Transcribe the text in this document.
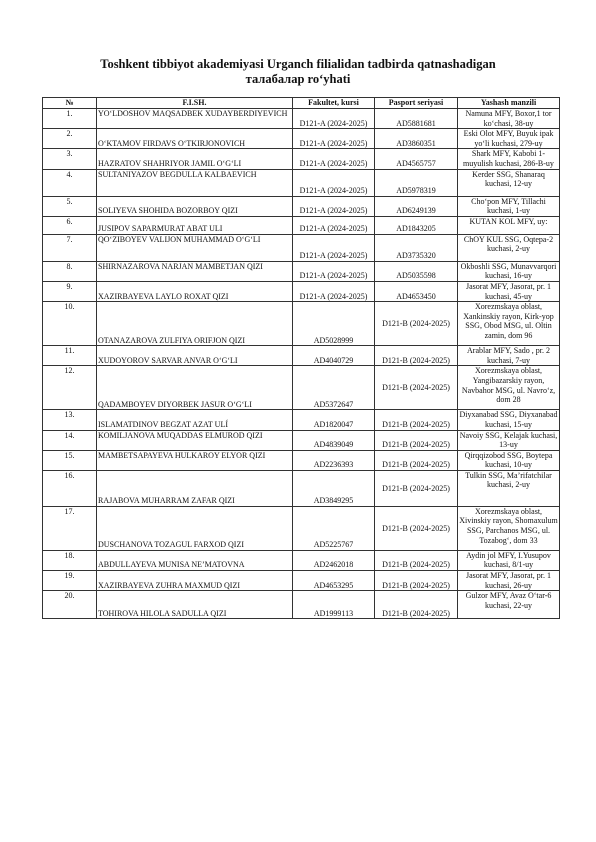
Toshkent tibbiyot akademiyasi Urganch filialidan tadbirda qatnashadigan
талабалар ro‘yhati
№	F.I.SH.	Fakultet, kursi	Pasport seriyasi	Yashash manzili
1.	YO‘LDOSHOV MAQSADBEK XUDAYBERDIYEVICH	D121-A (2024-2025)	AD5881681	Namuna MFY, Boxor,1 tor ko‘chasi, 38-uy
2.	O‘KTAMOV FIRDAVS O‘TKIRJONOVICH	D121-A (2024-2025)	AD3860351	Eski Olot MFY, Buyuk ipak yo‘li kuchasi, 279-uy
3.	HAZRATOV SHAHRIYOR JAMIL O‘G‘LI	D121-A (2024-2025)	AD4565757	Shark MFY, Kabobi 1-muyulish kuchasi, 286-B-uy
4.	SULTANIYAZOV BEGDULLA KALBAEVICH	D121-A (2024-2025)	AD5978319	Kerder SSG, Shanaraq kuchasi, 12-uy
5.	SOLIYEVA SHOHIDA BOZORBOY QIZI	D121-A (2024-2025)	AD6249139	Cho‘pon MFY, Tillachi kuchasi, 1-uy
6.	JUSIPOV SAPARMURAT ABAT ULI	D121-A (2024-2025)	AD1843205	KUTAN KOL MFY, uy:
7.	QO‘ZIBOYEV VALIJON MUHAMMAD O‘G‘LI	D121-A (2024-2025)	AD3735320	ChOY KUL SSG, Oqtepa-2 kuchasi, 2-uy
8.	SHIRNAZAROVA NARJAN MAMBETJAN QIZI	D121-A (2024-2025)	AD5035598	Okboshli SSG, Munavvarqori kuchasi, 16-uy
9.	XAZIRBAYEVA LAYLO ROXAT QIZI	D121-A (2024-2025)	AD4653450	Jasorat MFY, Jasorat, pr. 1 kuchasi, 45-uy
10.	OTANAZAROVA ZULFIYA ORIFJON QIZI	AD5028999	D121-B (2024-2025)	Xorezmskaya oblast, Xankinskiy rayon, Kirk-yop SSG, Obod MSG, ul. Oltin zamin, dom 96
11.	XUDOYOROV SARVAR ANVAR O‘G‘LI	AD4040729	D121-B (2024-2025)	Arablar MFY, Sado , pr. 2 kuchasi, 7-uy
12.	QADAMBOYEV DIYORBEK JASUR O‘G‘LI	AD5372647	D121-B (2024-2025)	Xorezmskaya oblast, Yangibazarskiy rayon, Navbahor MSG, ul. Navro‘z, dom 28
13.	ISLAMATDINOV BEGZAT AZAT ULÍ	AD1820047	D121-B (2024-2025)	Diyxanabad SSG, Diyxanabad kuchasi, 15-uy
14.	KOMILJANOVA MUQADDAS ELMUROD QIZI	AD4839049	D121-B (2024-2025)	Navoiy SSG, Kelajak kuchasi, 13-uy
15.	MAMBETSAPAYEVA HULKAROY ELYOR QIZI	AD2236393	D121-B (2024-2025)	Qirqqizobod SSG, Boytepa kuchasi, 10-uy
16.	RAJABOVA MUHARRAM ZAFAR QIZI	AD3849295	D121-B (2024-2025)	Tulkin SSG, Ma’rifatchilar kuchasi, 2-uy
17.	DUSCHANOVA TOZAGUL FARXOD QIZI	AD5225767	D121-B (2024-2025)	Xorezmskaya oblast, Xivinskiy rayon, Shomaxulum SSG, Parchanos MSG, ul. Tozabog‘, dom 33
18.	ABDULLAYEVA MUNISA NE’MATOVNA	AD2462018	D121-B (2024-2025)	Aydin jol MFY, I.Yusupov kuchasi, 8/1-uy
19.	XAZIRBAYEVA ZUHRA MAXMUD QIZI	AD4653295	D121-B (2024-2025)	Jasorat MFY, Jasorat, pr. 1 kuchasi, 26-uy
20.	TOHIROVA HILOLA SADULLA QIZI	AD1999113	D121-B (2024-2025)	Gulzor MFY, Avaz O‘tar-6 kuchasi, 22-uy
